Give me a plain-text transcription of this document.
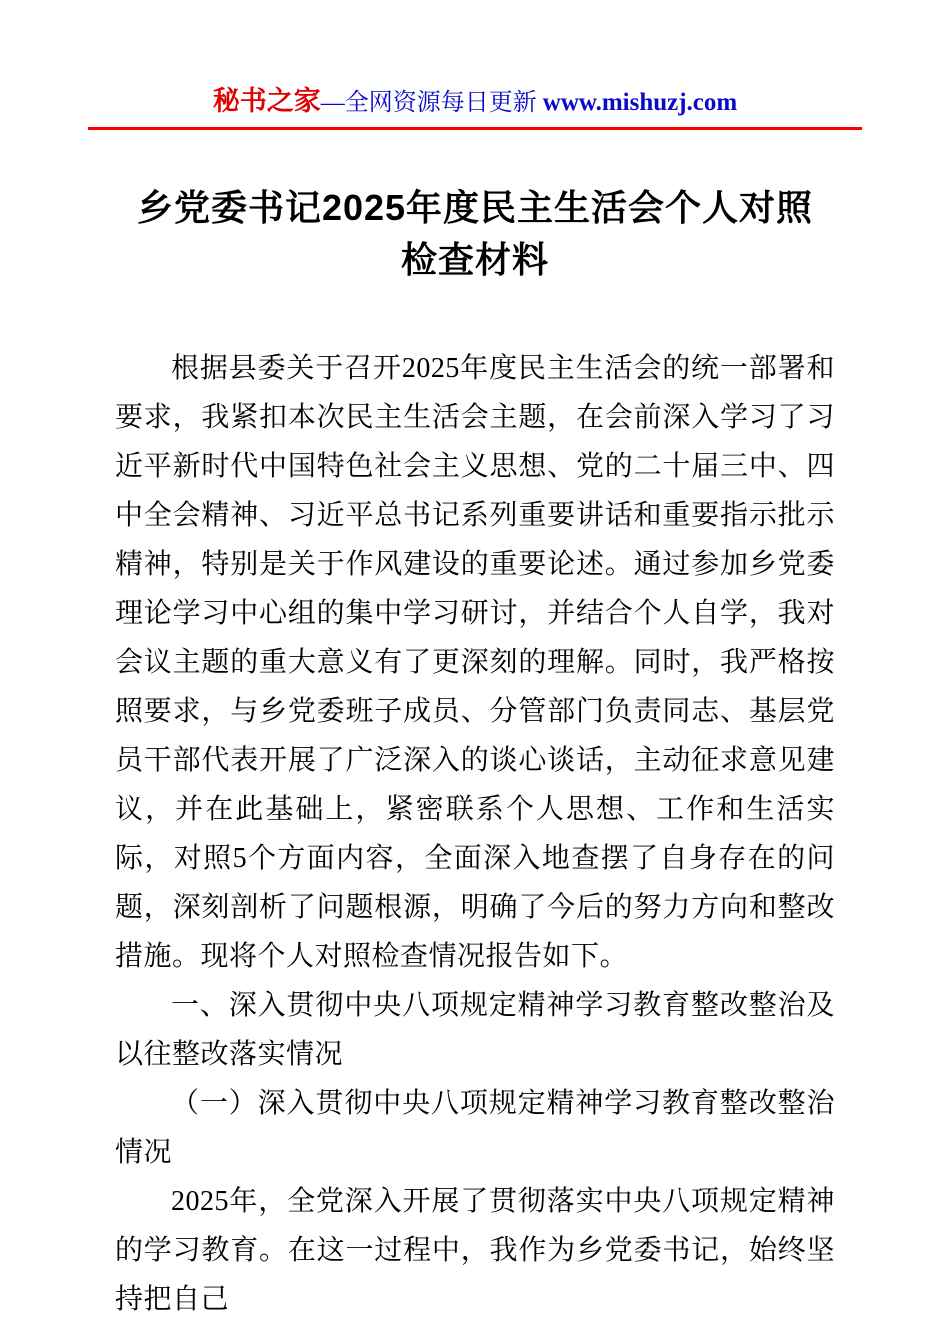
秘书之家—全网资源每日更新 www.mishuzj.com
乡党委书记2025年度民主生活会个人对照
检查材料

根据县委关于召开2025年度民主生活会的统一部署和要求，我紧扣本次民主生活会主题，在会前深入学习了习近平新时代中国特色社会主义思想、党的二十届三中、四中全会精神、习近平总书记系列重要讲话和重要指示批示精神，特别是关于作风建设的重要论述。通过参加乡党委理论学习中心组的集中学习研讨，并结合个人自学，我对会议主题的重大意义有了更深刻的理解。同时，我严格按照要求，与乡党委班子成员、分管部门负责同志、基层党员干部代表开展了广泛深入的谈心谈话，主动征求意见建议，并在此基础上，紧密联系个人思想、工作和生活实际，对照5个方面内容，全面深入地查摆了自身存在的问题，深刻剖析了问题根源，明确了今后的努力方向和整改措施。现将个人对照检查情况报告如下。

一、深入贯彻中央八项规定精神学习教育整改整治及以往整改落实情况

（一）深入贯彻中央八项规定精神学习教育整改整治情况

2025年，全党深入开展了贯彻落实中央八项规定精神的学习教育。在这一过程中，我作为乡党委书记，始终坚持把自己
